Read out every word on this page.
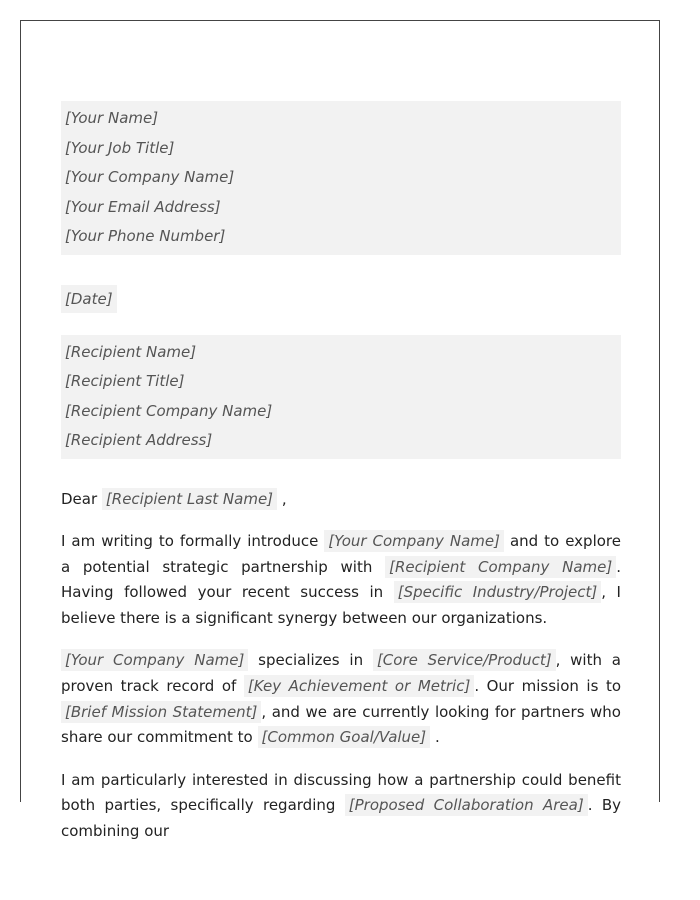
[Your Name]
[Your Job Title]
[Your Company Name]
[Your Email Address]
[Your Phone Number]
[Date]
[Recipient Name]
[Recipient Title]
[Recipient Company Name]
[Recipient Address]

Dear [Recipient Last Name] ,

I am writing to formally introduce [Your Company Name] and to explore a potential strategic partnership with [Recipient Company Name] . Having followed your recent success in [Specific Industry/Project] , I believe there is a significant synergy between our organizations.

[Your Company Name] specializes in [Core Service/Product] , with a proven track record of [Key Achievement or Metric] . Our mission is to [Brief Mission Statement] , and we are currently looking for partners who share our commitment to [Common Goal/Value] .

I am particularly interested in discussing how a partnership could benefit both parties, specifically regarding [Proposed Collaboration Area] . By combining our
